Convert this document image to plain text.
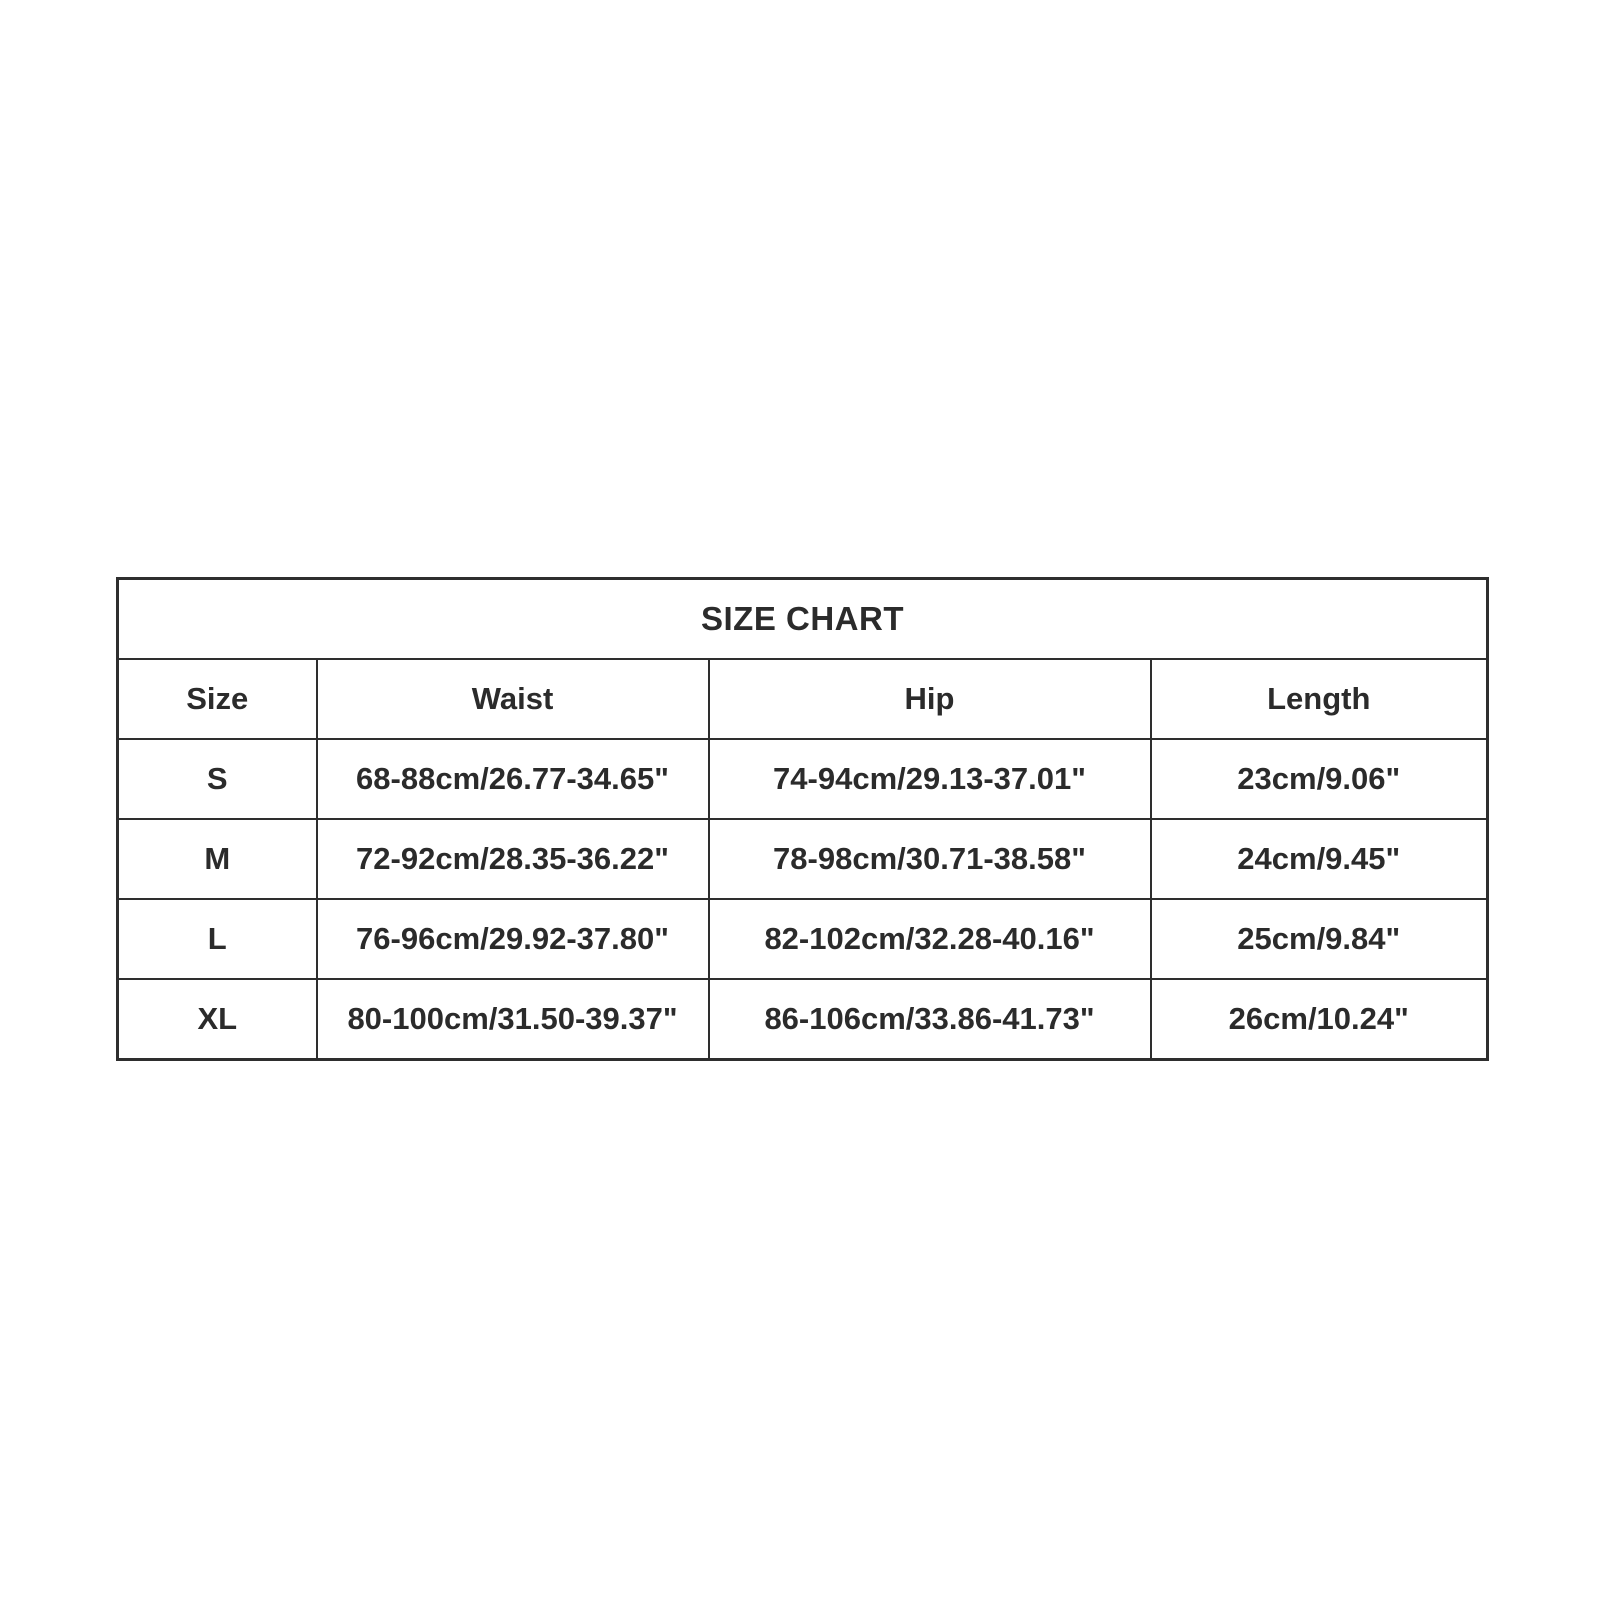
SIZE CHART			
Size	Waist	Hip	Length
S	68-88cm/26.77-34.65"	74-94cm/29.13-37.01"	23cm/9.06"
M	72-92cm/28.35-36.22"	78-98cm/30.71-38.58"	24cm/9.45"
L	76-96cm/29.92-37.80"	82-102cm/32.28-40.16"	25cm/9.84"
XL	80-100cm/31.50-39.37"	86-106cm/33.86-41.73"	26cm/10.24"
